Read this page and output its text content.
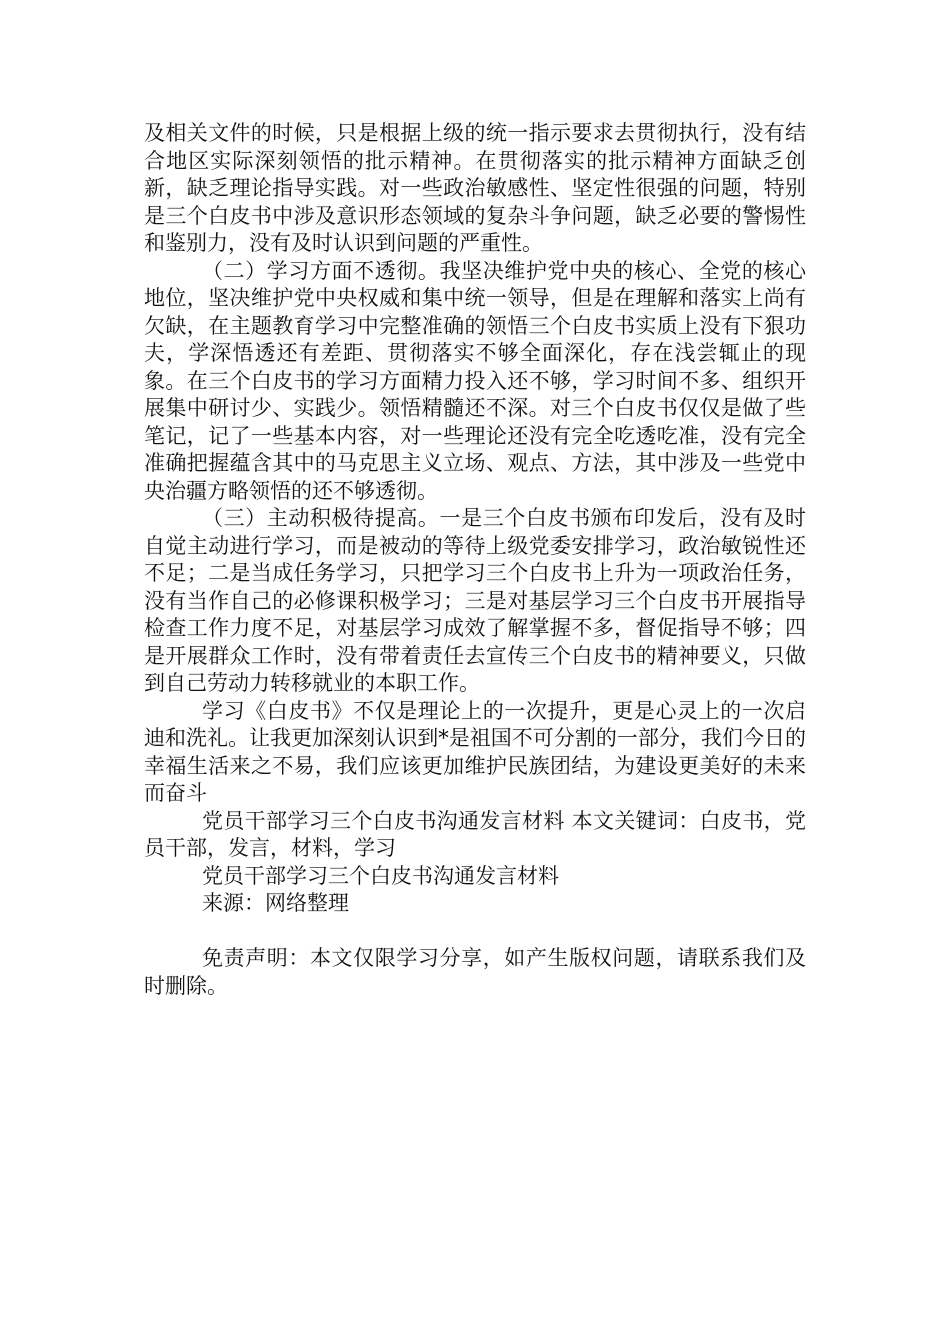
及相关文件的时候，只是根据上级的统一指示要求去贯彻执行，没有结合地区实际深刻领悟的批示精神。在贯彻落实的批示精神方面缺乏创新，缺乏理论指导实践。对一些政治敏感性、坚定性很强的问题，特别是三个白皮书中涉及意识形态领域的复杂斗争问题，缺乏必要的警惕性和鉴别力，没有及时认识到问题的严重性。

（二）学习方面不透彻。我坚决维护党中央的核心、全党的核心地位，坚决维护党中央权威和集中统一领导，但是在理解和落实上尚有欠缺，在主题教育学习中完整准确的领悟三个白皮书实质上没有下狠功夫，学深悟透还有差距、贯彻落实不够全面深化，存在浅尝辄止的现象。在三个白皮书的学习方面精力投入还不够，学习时间不多、组织开展集中研讨少、实践少。领悟精髓还不深。对三个白皮书仅仅是做了些笔记，记了一些基本内容，对一些理论还没有完全吃透吃准，没有完全准确把握蕴含其中的马克思主义立场、观点、方法，其中涉及一些党中央治疆方略领悟的还不够透彻。

（三）主动积极待提高。一是三个白皮书颁布印发后，没有及时自觉主动进行学习，而是被动的等待上级党委安排学习，政治敏锐性还不足；二是当成任务学习，只把学习三个白皮书上升为一项政治任务，没有当作自己的必修课积极学习；三是对基层学习三个白皮书开展指导检查工作力度不足，对基层学习成效了解掌握不多，督促指导不够；四是开展群众工作时，没有带着责任去宣传三个白皮书的精神要义，只做到自己劳动力转移就业的本职工作。

学习《白皮书》不仅是理论上的一次提升，更是心灵上的一次启迪和洗礼。让我更加深刻认识到*是祖国不可分割的一部分，我们今日的幸福生活来之不易，我们应该更加维护民族团结，为建设更美好的未来而奋斗

党员干部学习三个白皮书沟通发言材料 本文关键词：白皮书，党员干部，发言，材料，学习

党员干部学习三个白皮书沟通发言材料

来源：网络整理

免责声明：本文仅限学习分享，如产生版权问题，请联系我们及时删除。
